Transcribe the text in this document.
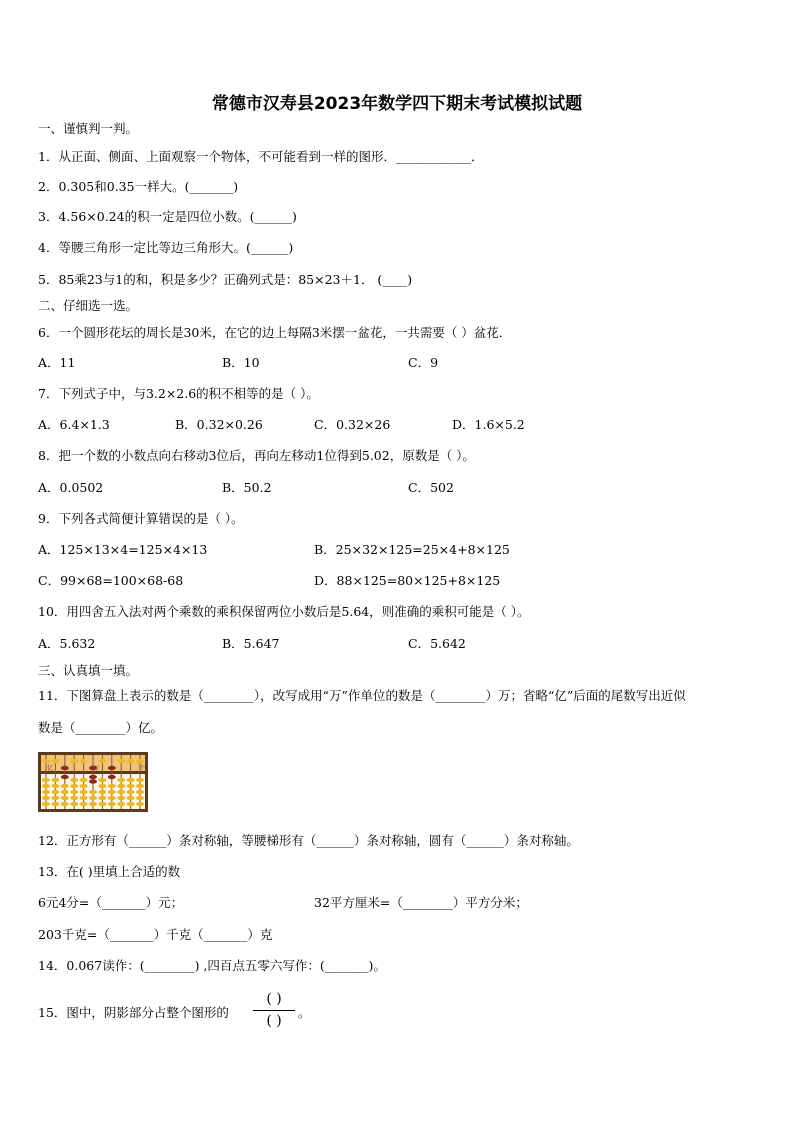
常德市汉寿县2023年数学四下期末考试模拟试题
一、谨慎判一判。
1．从正面、侧面、上面观察一个物体，不可能看到一样的图形．____________．
2．0.305和0.35一样大。(_______)
3．4.56×0.24的积一定是四位小数。(______)
4．等腰三角形一定比等边三角形大。(______)
5．85乘23与1的和，积是多少？正确列式是：85×23＋1． (____)
二、仔细选一选。
6．一个圆形花坛的周长是30米，在它的边上每隔3米摆一盆花，一共需要（ ）盆花．
A．11	B．10	C．9
7．下列式子中，与3.2×2.6的积不相等的是（ ）。
A．6.4×1.3	B．0.32×0.26	C．0.32×26	D．1.6×5.2
8．把一个数的小数点向右移动3位后，再向左移动1位得到5.02，原数是（ ）。
A．0.0502	B．50.2	C．502
9．下列各式简便计算错误的是（ ）。
A．125×13×4=125×4×13	B．25×32×125=25×4+8×125
C．99×68=100×68-68	D．88×125=80×125+8×125
10．用四舍五入法对两个乘数的乘积保留两位小数后是5.64，则准确的乘积可能是（ ）。
A．5.632	B．5.647	C．5.642
三、认真填一填。
11．下图算盘上表示的数是（________），改写成用“万”作单位的数是（________）万；省略“亿”后面的尾数写出近似
数是（________）亿。
亿	万	个
12．正方形有（______）条对称轴，等腰梯形有（______）条对称轴，圆有（______）条对称轴。
13．在( )里填上合适的数
6元4分=（_______）元；	32平方厘米=（________）平方分米；
203千克=（_______）千克（_______）克
14．0.067读作：(________) ,四百点五零六写作：(_______)。
15．图中，阴影部分占整个图形的
( )
( )
。
